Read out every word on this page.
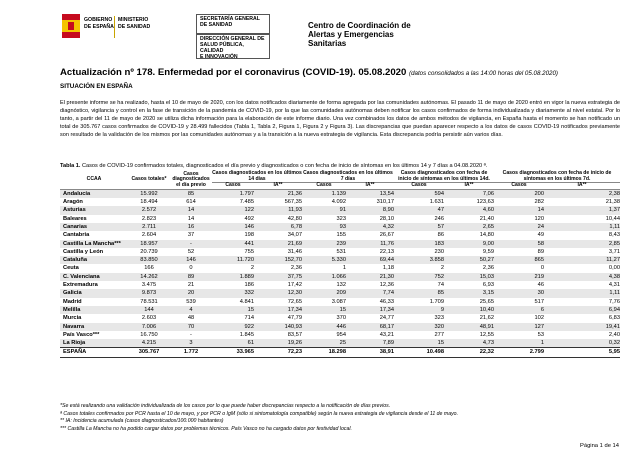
GOBIERNO
DE ESPAÑA
MINISTERIO
DE SANIDAD
SECRETARÍA GENERAL
DE SANIDAD
DIRECCIÓN GENERAL DE
SALUD PÚBLICA, CALIDAD
E INNOVACIÓN
Centro de Coordinación de
Alertas y Emergencias
Sanitarias
Actualización nº 178. Enfermedad por el coronavirus (COVID-19). 05.08.2020 (datos consolidados a las 14:00 horas del 05.08.2020)
SITUACIÓN EN ESPAÑA
El presente informe se ha realizado, hasta el 10 de mayo de 2020, con los datos notificados diariamente de forma agregada por las comunidades autónomas. El pasado 11 de mayo de 2020 entró en vigor la nueva estrategia de diagnóstico, vigilancia y control en la fase de transición de la pandemia de COVID-19, por la que las comunidades autónomas deben notificar los casos confirmados de forma individualizada y diariamente al nivel estatal. Por lo tanto, a partir del 11 de mayo de 2020 se utiliza dicha información para la elaboración de este informe diario. Una vez combinados los datos de ambos métodos de vigilancia, en España hasta el momento se han notificado un total de 305.767 casos confirmados de COVID-19 y 28.499 fallecidos (Tabla 1, Tabla 2, Figura 1, Figura 2 y Figura 3). Las discrepancias que puedan aparecer respecto a los datos de casos COVID-19 notificados previamente son resultado de la validación de los mismos por las comunidades autónomas y a la transición a la nueva estrategia de vigilancia. Esta discrepancia podría persistir aún varios días.
Tabla 1. Casos de COVID-19 confirmados totales, diagnosticados el día previo y diagnosticados o con fecha de inicio de síntomas en los últimos 14 y 7 días a 04.08.2020 ª.
CCAA	Casos totales*	Casos diagnosticados el día previo	Casos diagnosticados en los últimos 14 días		Casos diagnosticados en los últimos 7 días		Casos diagnosticados con fecha de inicio de síntomas en los últimos 14d.		Casos diagnosticados con fecha de inicio de síntomas en los últimos 7d.	
			Casos	IA**	Casos	IA**	Casos	IA**	Casos	IA**
Andalucía	15.992	85	1.797	21,36	1.139	13,54	594	7,06	200	2,38
Aragón	18.494	614	7.485	567,35	4.092	310,17	1.631	123,63	282	21,38
Asturias	2.572	14	122	11,93	91	8,90	47	4,60	14	1,37
Baleares	2.823	14	492	42,80	323	28,10	246	21,40	120	10,44
Canarias	2.711	16	146	6,78	93	4,32	57	2,65	24	1,11
Cantabria	2.604	37	198	34,07	155	26,67	86	14,80	49	8,43
Castilla La Mancha***	18.957	-	441	21,69	239	11,76	183	9,00	58	2,85
Castilla y León	20.739	52	755	31,46	531	22,13	230	9,59	89	3,71
Cataluña	83.850	146	11.720	152,70	5.330	69,44	3.858	50,27	865	11,27
Ceuta	166	0	2	2,36	1	1,18	2	2,36	0	0,00
C. Valenciana	14.262	89	1.889	37,75	1.066	21,30	752	15,03	219	4,38
Extremadura	3.475	21	186	17,42	132	12,36	74	6,93	46	4,31
Galicia	9.873	20	332	12,30	209	7,74	85	3,15	30	1,11
Madrid	78.531	539	4.841	72,65	3.087	46,33	1.709	25,65	517	7,76
Melilla	144	4	15	17,34	15	17,34	9	10,40	6	6,94
Murcia	2.603	48	714	47,79	370	24,77	323	21,62	102	6,83
Navarra	7.006	70	922	140,93	446	68,17	320	48,91	127	19,41
País Vasco***	16.750	-	1.845	83,57	954	43,21	277	12,55	53	2,40
La Rioja	4.215	3	61	19,26	25	7,89	15	4,73	1	0,32
ESPAÑA	305.767	1.772	33.965	72,23	18.298	38,91	10.498	22,32	2.799	5,95
*Se está realizando una validación individualizada de los casos por lo que puede haber discrepancias respecto a la notificación de días previos.
ª Casos totales confirmados por PCR hasta el 10 de mayo, y por PCR o IgM (sólo si sintomatología compatible) según la nueva estrategia de vigilancia desde el 11 de mayo.
** IA: Incidencia acumulada (casos diagnosticados/100.000 habitantes)
*** Castilla La Mancha no ha podido cargar datos por problemas técnicos. País Vasco no ha cargado datos por festividad local.
Página 1 de 14
